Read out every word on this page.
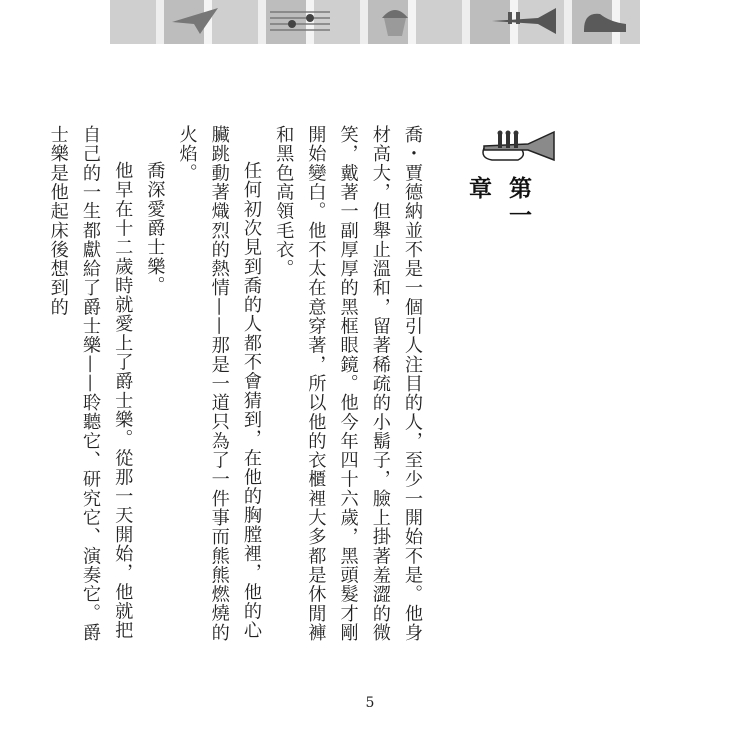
第一章

喬・賈德納並不是一個引人注目的人，至少一開始不是。他身材高大，但舉止溫和，留著稀疏的小鬍子，臉上掛著羞澀的微笑，戴著一副厚厚的黑框眼鏡。他今年四十六歲，黑頭髮才剛開始變白。他不太在意穿著，所以他的衣櫃裡大多都是休閒褲和黑色高領毛衣。

任何初次見到喬的人都不會猜到，在他的胸膛裡，他的心臟跳動著熾烈的熱情——那是一道只為了一件事而熊熊燃燒的火焰。

喬深愛爵士樂。

他早在十二歲時就愛上了爵士樂。從那一天開始，他就把自己的一生都獻給了爵士樂——聆聽它、研究它、演奏它。爵士樂是他起床後想到的

5
